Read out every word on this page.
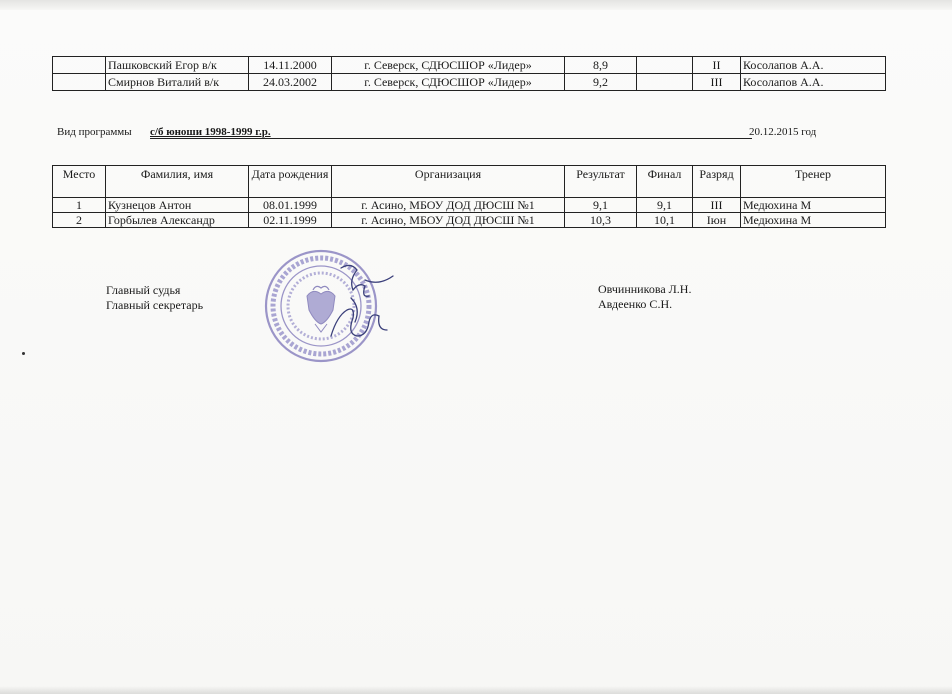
	Пашковский Егор в/к	14.11.2000	г. Северск, СДЮСШОР «Лидер»	8,9		II	Косолапов А.А.
	Смирнов Виталий в/к	24.03.2002	г. Северск, СДЮСШОР «Лидер»	9,2		III	Косолапов А.А.
Вид программы с/б юноши 1998-1999 г.р.	20.12.2015 год
Место	Фамилия, имя	Дата рождения	Организация	Результат	Финал	Разряд	Тренер
1	Кузнецов Антон	08.01.1999	г. Асино, МБОУ ДОД ДЮСШ №1	9,1	9,1	III	Медюхина М
2	Горбылев Александр	02.11.1999	г. Асино, МБОУ ДОД ДЮСШ №1	10,3	10,1	Iюн	Медюхина М
Главный судья
Главный секретарь
Овчинникова Л.Н.
Авдеенко С.Н.
